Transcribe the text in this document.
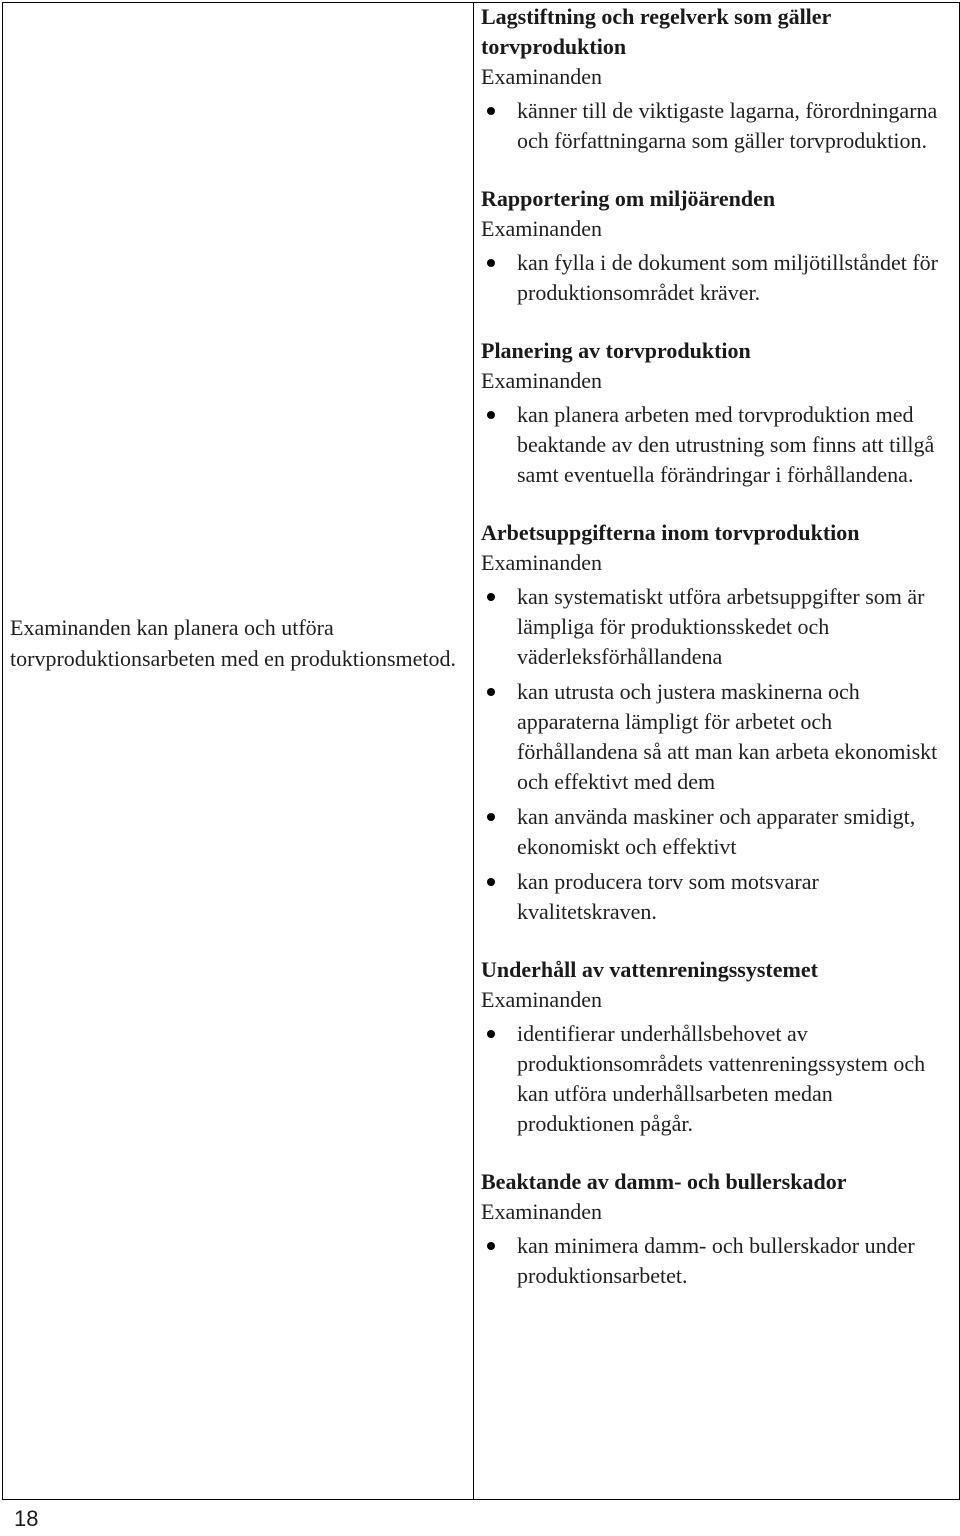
Examinanden kan planera och utföra torvproduktionsarbeten med en produktionsmetod.

Lagstiftning och regelverk som gäller torvproduktion

Examinanden

känner till de viktigaste lagarna, förordningarna och författningarna som gäller torvproduktion.
Rapportering om miljöärenden

Examinanden

kan fylla i de dokument som miljötillståndet för produktionsområdet kräver.
Planering av torvproduktion

Examinanden

kan planera arbeten med torvproduktion med beaktande av den utrustning som finns att tillgå samt eventuella förändringar i förhållandena.
Arbetsuppgifterna inom torvproduktion

Examinanden

kan systematiskt utföra arbetsuppgifter som är lämpliga för produktionsskedet och väderleksförhållandena
kan utrusta och justera maskinerna och apparaterna lämpligt för arbetet och förhållandena så att man kan arbeta ekonomiskt och effektivt med dem
kan använda maskiner och apparater smidigt, ekonomiskt och effektivt
kan producera torv som motsvarar kvalitetskraven.
Underhåll av vattenreningssystemet

Examinanden

identifierar underhållsbehovet av produktionsområdets vattenreningssystem och kan utföra underhållsarbeten medan produktionen pågår.
Beaktande av damm- och bullerskador

Examinanden

kan minimera damm- och bullerskador under produktionsarbetet.
18
